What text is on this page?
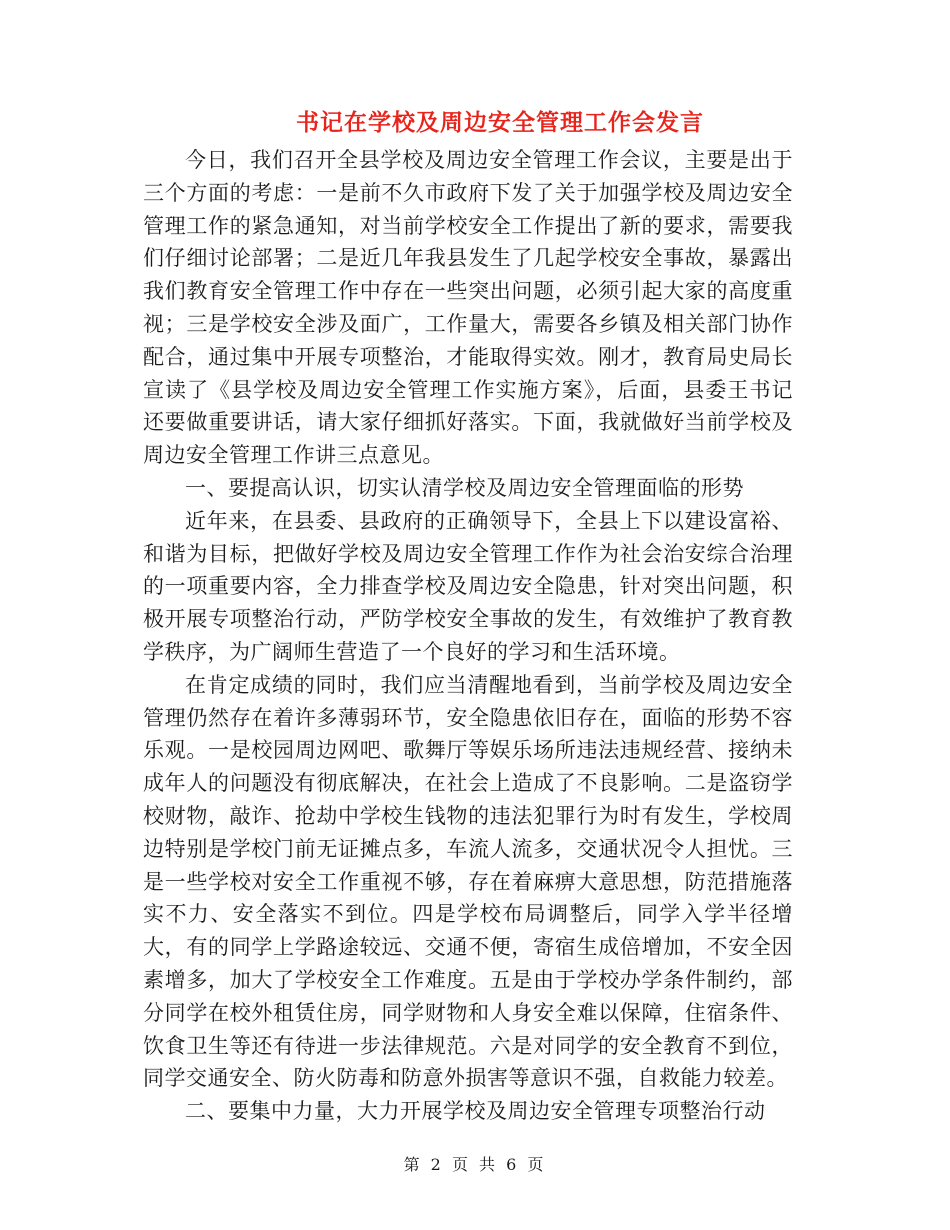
书记在学校及周边安全管理工作会发言

今日，我们召开全县学校及周边安全管理工作会议，主要是出于三个方面的考虑：一是前不久市政府下发了关于加强学校及周边安全管理工作的紧急通知，对当前学校安全工作提出了新的要求，需要我们仔细讨论部署；二是近几年我县发生了几起学校安全事故，暴露出我们教育安全管理工作中存在一些突出问题，必须引起大家的高度重视；三是学校安全涉及面广，工作量大，需要各乡镇及相关部门协作配合，通过集中开展专项整治，才能取得实效。刚才，教育局史局长宣读了《县学校及周边安全管理工作实施方案》，后面，县委王书记还要做重要讲话，请大家仔细抓好落实。下面，我就做好当前学校及周边安全管理工作讲三点意见。

一、要提高认识，切实认清学校及周边安全管理面临的形势

近年来，在县委、县政府的正确领导下，全县上下以建设富裕、和谐为目标，把做好学校及周边安全管理工作作为社会治安综合治理的一项重要内容，全力排查学校及周边安全隐患，针对突出问题，积极开展专项整治行动，严防学校安全事故的发生，有效维护了教育教学秩序，为广阔师生营造了一个良好的学习和生活环境。

在肯定成绩的同时，我们应当清醒地看到，当前学校及周边安全管理仍然存在着许多薄弱环节，安全隐患依旧存在，面临的形势不容乐观。一是校园周边网吧、歌舞厅等娱乐场所违法违规经营、接纳未成年人的问题没有彻底解决，在社会上造成了不良影响。二是盗窃学校财物，敲诈、抢劫中学校生钱物的违法犯罪行为时有发生，学校周边特别是学校门前无证摊点多，车流人流多，交通状况令人担忧。三是一些学校对安全工作重视不够，存在着麻痹大意思想，防范措施落实不力、安全落实不到位。四是学校布局调整后，同学入学半径增大，有的同学上学路途较远、交通不便，寄宿生成倍增加，不安全因素增多，加大了学校安全工作难度。五是由于学校办学条件制约，部分同学在校外租赁住房，同学财物和人身安全难以保障，住宿条件、饮食卫生等还有待进一步法律规范。六是对同学的安全教育不到位，同学交通安全、防火防毒和防意外损害等意识不强，自救能力较差。

二、要集中力量，大力开展学校及周边安全管理专项整治行动

第 2 页 共 6 页
